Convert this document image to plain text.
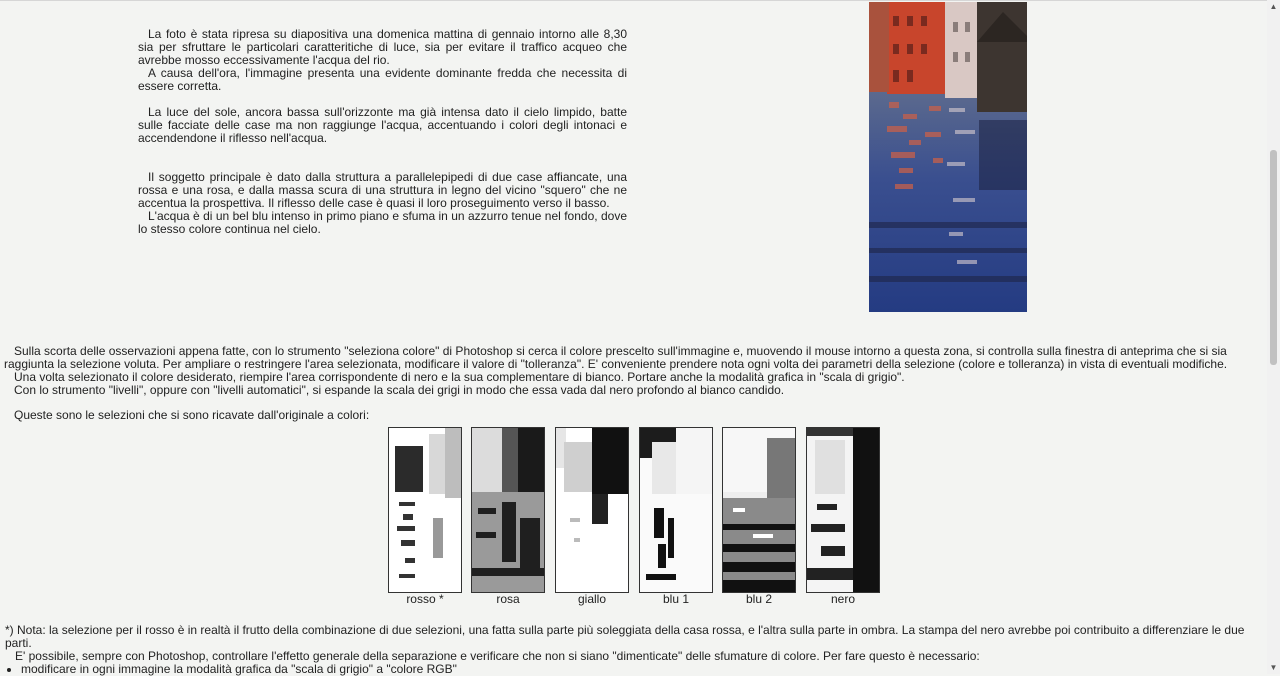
La foto è stata ripresa su diapositiva una domenica mattina di gennaio intorno alle 8,30 sia per sfruttare le particolari caratteritiche di luce, sia per evitare il traffico acqueo che avrebbe mosso eccessivamente l'acqua del rio.

A causa dell'ora, l'immagine presenta una evidente dominante fredda che necessita di essere corretta.

La luce del sole, ancora bassa sull'orizzonte ma già intensa dato il cielo limpido, batte sulle facciate delle case ma non raggiunge l'acqua, accentuando i colori degli intonaci e accendendone il riflesso nell'acqua.

Il soggetto principale è dato dalla struttura a parallelepipedi di due case affiancate, una rossa e una rosa, e dalla massa scura di una struttura in legno del vicino "squero" che ne accentua la prospettiva. Il riflesso delle case è quasi il loro proseguimento verso il basso.

L'acqua è di un bel blu intenso in primo piano e sfuma in un azzurro tenue nel fondo, dove lo stesso colore continua nel cielo.

Sulla scorta delle osservazioni appena fatte, con lo strumento "seleziona colore" di Photoshop si cerca il colore prescelto sull'immagine e, muovendo il mouse intorno a questa zona, si controlla sulla finestra di anteprima che si sia raggiunta la selezione voluta. Per ampliare o restringere l'area selezionata, modificare il valore di "tolleranza". E' conveniente prendere nota ogni volta dei parametri della selezione (colore e tolleranza) in vista di eventuali modifiche.

Una volta selezionato il colore desiderato, riempire l'area corrispondente di nero e la sua complementare di bianco. Portare anche la modalità grafica in "scala di grigio".

Con lo strumento "livelli", oppure con "livelli automatici", si espande la scala dei grigi in modo che essa vada dal nero profondo al bianco candido.

Queste sono le selezioni che si sono ricavate dall'originale a colori:
rosso *	rosa	giallo	blu 1	blu 2	nero
*) Nota: la selezione per il rosso è in realtà il frutto della combinazione di due selezioni, una fatta sulla parte più soleggiata della casa rossa, e l'altra sulla parte in ombra. La stampa del nero avrebbe poi contribuito a differenziare le due parti.

E' possibile, sempre con Photoshop, controllare l'effetto generale della separazione e verificare che non si siano "dimenticate" delle sfumature di colore. Per fare questo è necessario:

• modificare in ogni immagine la modalità grafica da "scala di grigio" a "colore RGB"
▲
▼
